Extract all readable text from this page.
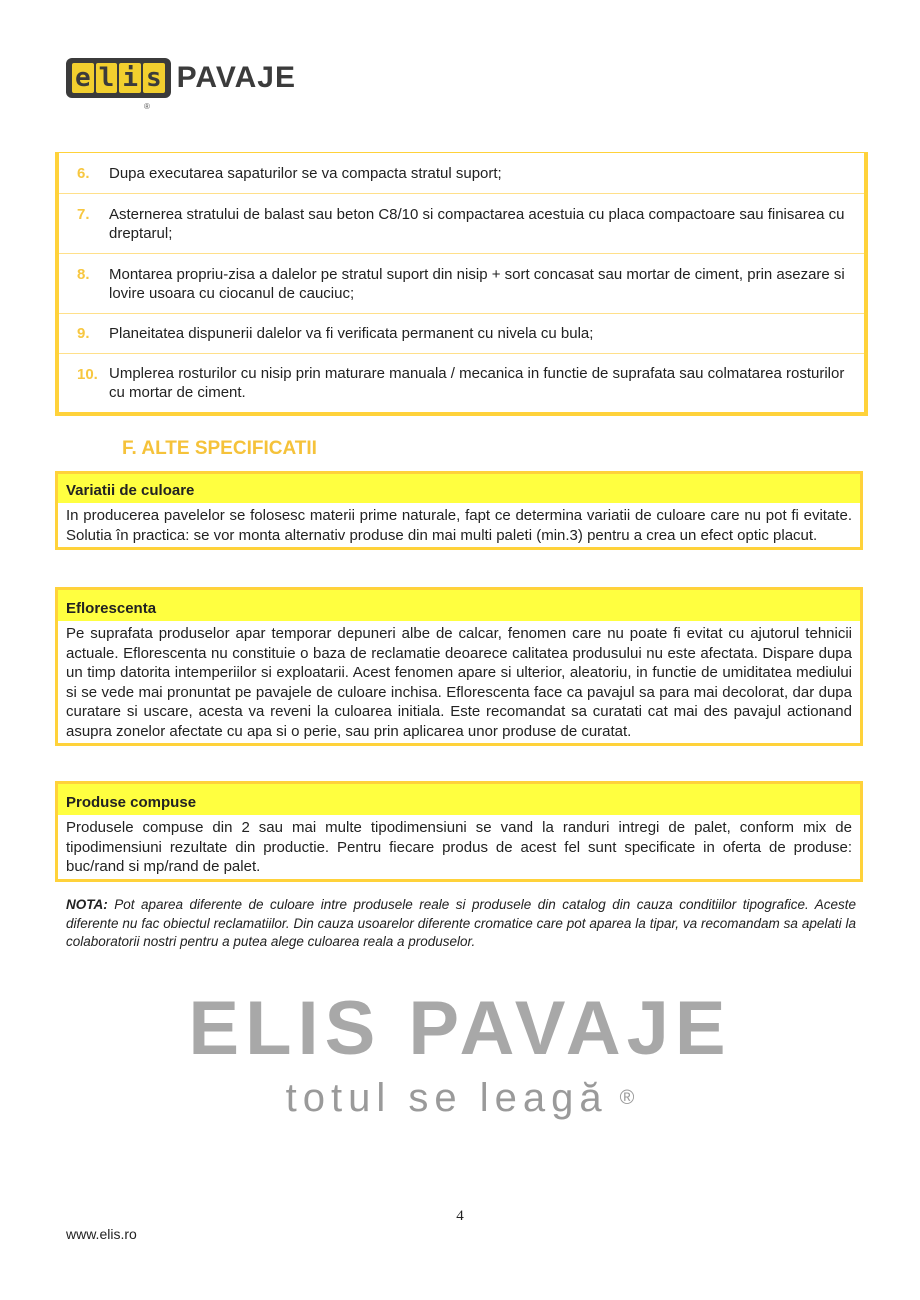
e l i s PAVAJE
®
6.	Dupa executarea sapaturilor se va compacta stratul suport;
7.	Asternerea stratului de balast sau beton C8/10 si compactarea acestuia cu placa compactoare sau finisarea cu dreptarul;
8.	Montarea propriu-zisa a dalelor pe stratul suport din nisip + sort concasat sau mortar de ciment, prin asezare si lovire usoara cu ciocanul de cauciuc;
9.	Planeitatea dispunerii dalelor va fi verificata permanent cu nivela cu bula;
10. Umplerea rosturilor cu nisip prin maturare manuala / mecanica in functie de suprafata sau colmatarea rosturilor cu mortar de ciment.
F. ALTE SPECIFICATII
Variatii de culoare
In producerea pavelelor se folosesc materii prime naturale, fapt ce determina variatii de culoare care nu pot fi evitate. Solutia în practica: se vor monta alternativ produse din mai multi paleti (min.3) pentru a crea un efect optic placut.
Eflorescenta
Pe suprafata produselor apar temporar depuneri albe de calcar, fenomen care nu poate fi evitat cu ajutorul tehnicii actuale. Eflorescenta nu constituie o baza de reclamatie deoarece calitatea produsului nu este afectata. Dispare dupa un timp datorita intemperiilor si exploatarii. Acest fenomen apare si ulterior, aleatoriu, in functie de umiditatea mediului si se vede mai pronuntat pe pavajele de culoare inchisa. Eflorescenta face ca pavajul sa para mai decolorat, dar dupa curatare si uscare, acesta va reveni la culoarea initiala. Este recomandat sa curatati cat mai des pavajul actionand asupra zonelor afectate cu apa si o perie, sau prin aplicarea unor produse de curatat.
Produse compuse
Produsele compuse din 2 sau mai multe tipodimensiuni se vand la randuri intregi de palet, conform mix de tipodimensiuni rezultate din productie. Pentru fiecare produs de acest fel sunt specificate in oferta de produse: buc/rand si mp/rand de palet.
NOTA: Pot aparea diferente de culoare intre produsele reale si produsele din catalog din cauza conditiilor tipografice. Aceste diferente nu fac obiectul reclamatiilor. Din cauza usoarelor diferente cromatice care pot aparea la tipar, va recomandam sa apelati la colaboratorii nostri pentru a putea alege culoarea reala a produselor.
ELIS PAVAJE
totul se leagă ®
4
www.elis.ro
